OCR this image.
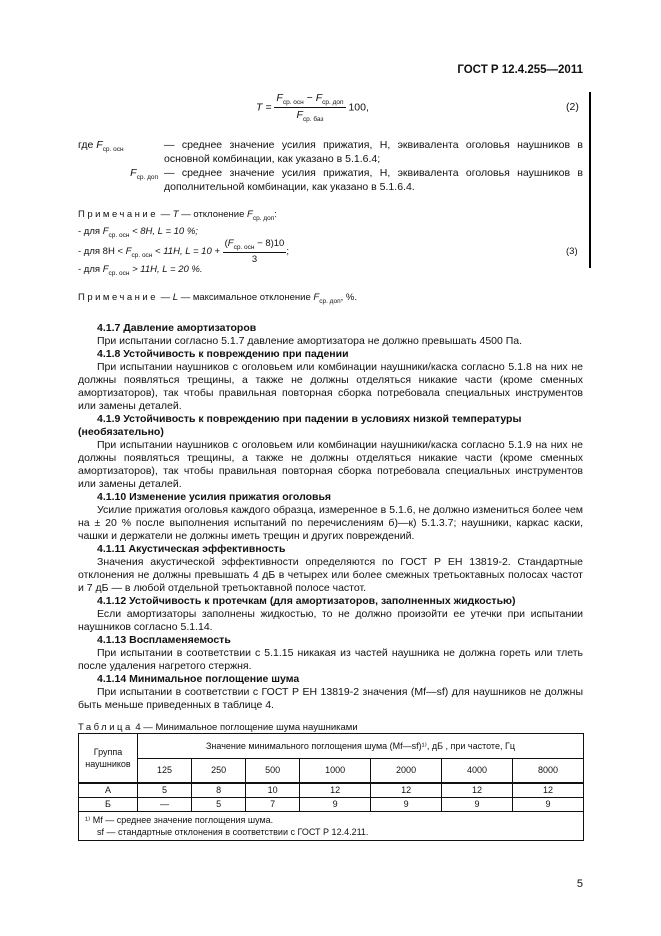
ГОСТ Р 12.4.255—2011
$T = \frac{F_{ср. осн} - F_{ср. доп}}{F_{ср. баз}} 100$,	(2)
где $F_{ср. осн}$	— среднее значение усилия прижатия, Н, эквивалента оголовья наушников в основной комбинации, как указано в 5.1.6.4;
$F_{ср. доп}$ — среднее значение усилия прижатия, Н, эквивалента оголовья наушников в дополнительной комбинации, как указано в 5.1.6.4.
Примечание — T — отклонение $F_{ср. доп}$:
- для $F_{ср. осн} < 8H$, L = 10 %;
- для $8H < F_{ср. осн} < 11H$, $L = 10 + \frac{(F_{ср. осн} - 8)10}{3}$ ;	(3)
- для $F_{ср. осн} > 11H$, L = 20 %.
Примечание — L — максимальное отклонение $F_{ср. доп}$, %.
4.1.7 Давление амортизаторов
При испытании согласно 5.1.7 давление амортизатора не должно превышать 4500 Па.
4.1.8 Устойчивость к повреждению при падении
При испытании наушников с оголовьем или комбинации наушники/каска согласно 5.1.8 на них не должны появляться трещины, а также не должны отделяться никакие части (кроме сменных амортизаторов), так чтобы правильная повторная сборка потребовала специальных инструментов или замены деталей.
4.1.9 Устойчивость к повреждению при падении в условиях низкой температуры (необязательно)
При испытании наушников с оголовьем или комбинации наушники/каска согласно 5.1.9 на них не должны появляться трещины, а также не должны отделяться никакие части (кроме сменных амортизаторов), так чтобы правильная повторная сборка потребовала специальных инструментов или замены деталей.
4.1.10 Изменение усилия прижатия оголовья
Усилие прижатия оголовья каждого образца, измеренное в 5.1.6, не должно измениться более чем на ± 20 % после выполнения испытаний по перечислениям б)—к) 5.1.3.7; наушники, каркас каски, чашки и держатели не должны иметь трещин и других повреждений.
4.1.11 Акустическая эффективность
Значения акустической эффективности определяются по ГОСТ Р ЕН 13819-2. Стандартные отклонения не должны превышать 4 дБ в четырех или более смежных третьоктавных полосах частот и 7 дБ — в любой отдельной третьоктавной полосе частот.
4.1.12 Устойчивость к протечкам (для амортизаторов, заполненных жидкостью)
Если амортизаторы заполнены жидкостью, то не должно произойти ее утечки при испытании наушников согласно 5.1.14.
4.1.13 Воспламеняемость
При испытании в соответствии с 5.1.15 никакая из частей наушника не должна гореть или тлеть после удаления нагретого стержня.
4.1.14 Минимальное поглощение шума
При испытании в соответствии с ГОСТ Р ЕН 13819-2 значения (Mf—sf) для наушников не должны быть меньше приведенных в таблице 4.
Таблица 4 — Минимальное поглощение шума наушниками
Группа наушников	Значение минимального поглощения шума (Mf—sf)¹⁾, дБ , при частоте, Гц						
	125	250	500	1000	2000	4000	8000
А	5	8	10	12	12	12	12
Б	—	5	7	9	9	9	9

¹⁾ Mf — среднее значение поглощения шума.
sf — стандартные отклонения в соответствии с ГОСТ Р 12.4.211.							
5
